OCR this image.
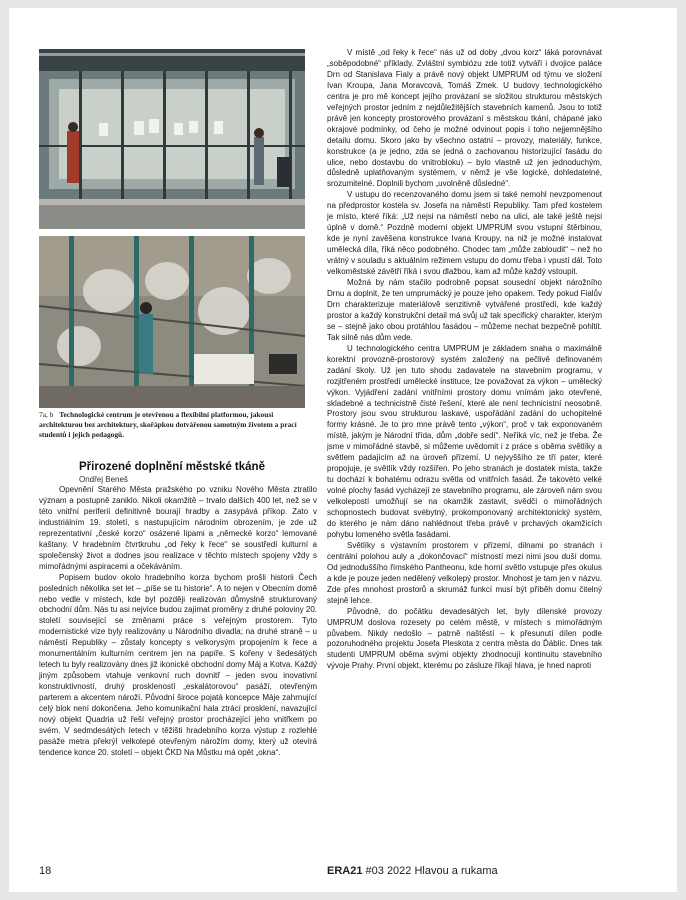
7a, b Technologické centrum je otevřenou a flexibilní platformou, jakousi architekturou bez architektury, skořápkou dotvářenou samotným životem a prací studentů i jejich pedagogů.
Přirozené doplnění městské tkáně
Ondřej Beneš

Opevnění Starého Města pražského po vzniku Nového Města ztratilo význam a postupně zaniklo. Nikoli okamžitě – trvalo dalších 400 let, než se v této vnitřní periferii definitivně bourají hradby a zasypává příkop. Zato v industriálním 19. století, s nastupujícím národním obrozením, je zde už reprezentativní „české korzo“ osázené lipami a „německé korzo“ lemované kaštany. V hradebním čtvrtkruhu „od řeky k řece“ se soustředí kulturní a společenský život a dodnes jsou realizace v těchto místech spojeny vždy s mimořádnými aspiracemi a očekáváním.

Popisem budov okolo hradebního korza bychom prošli historii Čech posledních několika set let – „píše se tu historie“. A to nejen v Obecním domě nebo vedle v místech, kde byl později realizován důmyslně strukturovaný obchodní dům. Nás tu asi nejvíce budou zajímat proměny z druhé poloviny 20. století související se změnami práce s veřejným prostorem. Tyto modernistické vize byly realizovány u Národního divadla; na druhé straně – u náměstí Republiky – zůstaly koncepty s velkorysým propojením k řece a monumentálním kulturním centrem jen na papíře. S kořeny v šedesátých letech tu byly realizovány dnes již ikonické obchodní domy Máj a Kotva. Každý jiným způsobem vtahuje venkovní ruch dovnitř – jeden svou inovativní konstruktivností, druhý proskleností „eskalátorovou“ pasáží, otevřeným parterem a akcentem nároží. Původní široce pojatá koncepce Máje zahrnující celý blok není dokončena. Jeho komunikační hala ztrácí prosklení, navazující nový objekt Quadria už řeší veřejný prostor procházející jeho vnitřkem po svém. V sedmdesátých letech v těžišti hradebního korza výstup z rozlehlé pasáže metra překrýl velkolepé otevřeným nárožím domy, který už otevírá tendence konce 20. století – objekt ČKD Na Můstku má opět „okna“.

V místě „od řeky k řece“ nás už od doby „dvou korz“ láká porovnávat „soběpodobné“ příklady. Zvláštní symbiózu zde totiž vytváří i dvojice paláce Drn od Stanislava Fialy a právě nový objekt UMPRUM od týmu ve složení Ivan Kroupa, Jana Moravcová, Tomáš Zmek. U budovy technologického centra je pro mě koncept jejího provázaní se složitou strukturou městských veřejných prostor jedním z nejdůležitějších stavebních kamenů. Jsou to totiž právě jen koncepty prostorového provázaní s městskou tkání, chápané jako okrajové podmínky, od čeho je možné odvinout popis i toho nejjemnějšího detailu domu. Skoro jako by všechno ostatní – provozy, materiály, funkce, konstrukce (a je jedno, zda se jedná o zachovanou historizující fasádu do ulice, nebo dostavbu do vnitrobloku) – bylo vlastně už jen jednoduchým, důsledně uplatňovaným systémem, v němž je vše logické, dohledatelné, srozumitelné. Doplnili bychom „uvolněně důsledné“.

V ustupu do recenzovaného domu jsem si také nemohl nevzpomenout na předprostor kostela sv. Josefa na náměstí Republiky. Tam před kostelem je místo, které říká: „Už nejsi na náměstí nebo na ulici, ale také ještě nejsi úplně v domě.“ Pozdně moderní objekt UMPRUM svou vstupní štěrbinou, kde je nyní zavěšena konstrukce Ivana Kroupy, na niž je možné instalovat umělecká díla, říká něco podobného. Chodec tam „může zabloudit“ – než ho vrátný v souladu s aktuálním režimem vstupu do domu třeba i vpustí dál. Toto velkoměstské závětří říká i svou dlažbou, kam až může každý vstoupit.

Možná by nám stačilo podrobně popsat sousední objekt nárožního Drnu a doplnit, že ten umprumácký je pouze jeho opakem. Tedy pokud Fialův Drn charakterizuje materiálově senzitivně vytvářené prostředí, kde každý prostor a každý konstrukční detail má svůj už tak specifický charakter, kterým se – stejně jako obou protáhlou fasádou – můžeme nechat bezpečně pohltit. Tak silně nás dům vede.

U technologického centra UMPRUM je základem snaha o maximálně korektní provozně-prostorový systém založený na pečlivě definovaném zadání školy. Už jen tuto shodu zadavatele na stavebním programu, v rozjitřeném prostředí umělecké instituce, lze považovat za výkon – umělecký výkon. Vyjádření zadání vnitřními prostory domu vnímám jako otevřené, skladebné a technicistně čisté řešení, které ale není technicistní neosobně. Prostory jsou svou strukturou laskavé, uspořádání zadání do uchopitelné formy krásné. Je to pro mne právě tento „výkon“, proč v tak exponovaném místě, jakým je Národní třída, dům „dobře sedí“. Neříká víc, než je třeba. Že jsme v mimořádné stavbě, si můžeme uvědomit i z práce s oběma světlíky a světlem padajícím až na úroveň přízemí. U nejvyššího ze tří pater, které propojuje, je světlík vždy rozšířen. Po jeho stranách je dostatek místa, takže tu dochází k bohatému odrazu světla od vnitřních fasád. Že takovéto velké volné plochy fasád vycházejí ze stavebního programu, ale zároveň nám svou velkolepostí umožňují se na okamžik zastavit, svědčí o mimořádných schopnostech budovat svébytný, prokomponovaný architektonický systém, do kterého je nám dáno nahlédnout třeba právě v prchavých okamžicích pohybu lomeného světla fasádami.

Světlíky s výstavním prostorem v přízemí, dilnami po stranách i centrální polohou auly a „dokončovací“ místností mezi nimi jsou duší domu. Od jednoduššího římského Pantheonu, kde horní světlo vstupuje přes okulus a kde je pouze jeden nedělený velkolepý prostor. Mnohost je tam jen v názvu. Zde přes mnohost prostorů a skrumáž funkcí musí být příběh domu čitelný stejně lehce.

Původně, do počátku devadesátých let, byly dílenské provozy UMPRUM doslova rozesety po celém městě, v místech s mimořádným půvabem. Nikdy nedošlo – patrně naštěstí – k přesunutí dílen podle pozoruhodného projektu Josefa Pleskota z centra města do Ďáblic. Dnes tak studenti UMPRUM oběma svými objekty zhodnocují kontinuitu stavebního vývoje Prahy. První objekt, kterému po zásluze říkají hlava, je hned naproti

18	ERA21 #03 2022 Hlavou a rukama
